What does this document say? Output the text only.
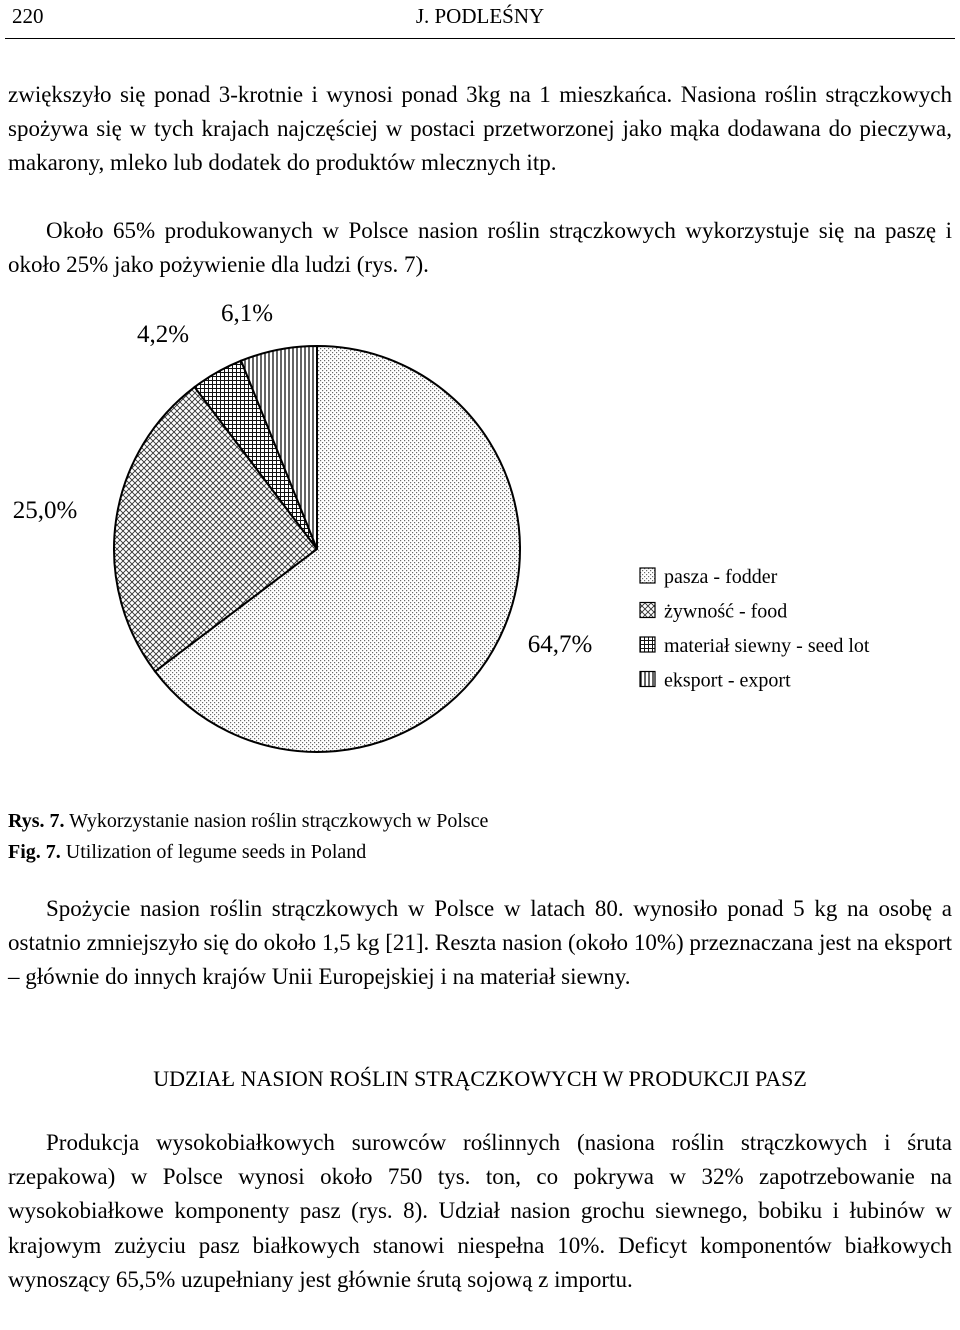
220	J. PODLEŚNY

zwiększyło się ponad 3-krotnie i wynosi ponad 3kg na 1 mieszkańca. Nasiona roślin strączkowych spożywa się w tych krajach najczęściej w postaci przetworzonej jako mąka dodawana do pieczywa, makarony, mleko lub dodatek do produktów mlecznych itp.

Około 65% produkowanych w Polsce nasion roślin strączkowych wykorzystuje się na paszę i około 25% jako pożywienie dla ludzi (rys. 7).

64,7%
25,0%
4,2%
6,1%
pasza - fodder
żywność - food
materiał siewny - seed lot
eksport - export

Rys. 7. Wykorzystanie nasion roślin strączkowych w Polsce

Fig. 7. Utilization of legume seeds in Poland

Spożycie nasion roślin strączkowych w Polsce w latach 80. wynosiło ponad 5 kg na osobę a ostatnio zmniejszyło się do około 1,5 kg [21]. Reszta nasion (około 10%) przeznaczana jest na eksport – głównie do innych krajów Unii Europejskiej i na materiał siewny.

UDZIAŁ NASION ROŚLIN STRĄCZKOWYCH W PRODUKCJI PASZ

Produkcja wysokobiałkowych surowców roślinnych (nasiona roślin strączkowych i śruta rzepakowa) w Polsce wynosi około 750 tys. ton, co pokrywa w 32% zapotrzebowanie na wysokobiałkowe komponenty pasz (rys. 8). Udział nasion grochu siewnego, bobiku i łubinów w krajowym zużyciu pasz białkowych stanowi niespełna 10%. Deficyt komponentów białkowych wynoszący 65,5% uzupełniany jest głównie śrutą sojową z importu.
